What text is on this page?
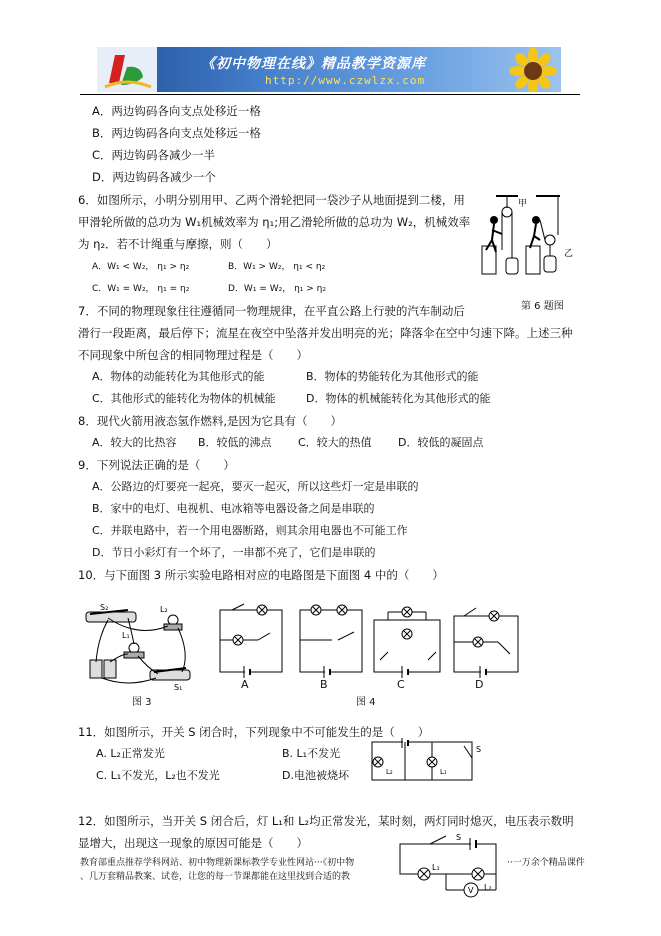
《初中物理在线》精品教学资源库
http://www.czwlzx.com
A．两边钩码各向支点处移近一格
B．两边钩码各向支点处移远一格
C．两边钩码各减少一半
D．两边钩码各减少一个
6．如图所示，小明分别用甲、乙两个滑轮把同一袋沙子从地面提到二楼，用
甲滑轮所做的总功为 W₁机械效率为 η₁;用乙滑轮所做的总功为 W₂，机械效率
为 η₂．若不计绳重与摩擦，则（　　）
A．W₁ < W₂， η₁ > η₂	B．W₁ > W₂， η₁ < η₂
C．W₁ = W₂， η₁ = η₂	D．W₁ = W₂， η₁ > η₂
甲
乙
第 6 题图
7．不同的物理现象往往遵循同一物理规律，在平直公路上行驶的汽车制动后
滑行一段距离，最后停下；流星在夜空中坠落并发出明亮的光；降落伞在空中匀速下降。上述三种
不同现象中所包含的相同物理过程是（　　）
A．物体的动能转化为其他形式的能	B．物体的势能转化为其他形式的能
C．其他形式的能转化为物体的机械能	D．物体的机械能转化为其他形式的能
8．现代火箭用液态氢作燃料,是因为它具有（　　）
A．较大的比热容 B．较低的沸点 C．较大的热值 D．较低的凝固点
9．下列说法正确的是（　　）
A．公路边的灯要亮一起亮，要灭一起灭，所以这些灯一定是串联的
B．家中的电灯、电视机、电冰箱等电器设备之间是串联的
C．并联电路中，若一个用电器断路，则其余用电器也不可能工作
D．节日小彩灯有一个坏了，一串都不亮了，它们是串联的
10．与下面图 3 所示实验电路相对应的电路图是下面图 4 中的（　　）
S₂	L₂
L₁
S₁
图 3
A	B	C	D
图 4
11．如图所示，开关 S 闭合时，下列现象中不可能发生的是（　　）
A. L₂正常发光	B. L₁不发光
C. L₁不发光，L₂也不发光	D.电池被烧坏	L₂	L₁
S
12．如图所示，当开关 S 闭合后，灯 L₁和 L₂均正常发光，某时刻，两灯同时熄灭，电压表示数明
显增大，出现这一现象的原因可能是（　　）	S
L₁
L₂
V
教育部重点推荐学科网站、初中物理新课标教学专业性网站···《初中物	··一万余个精品课件
、几万套精品教案、试卷，让您的每一节课都能在这里找到合适的教
